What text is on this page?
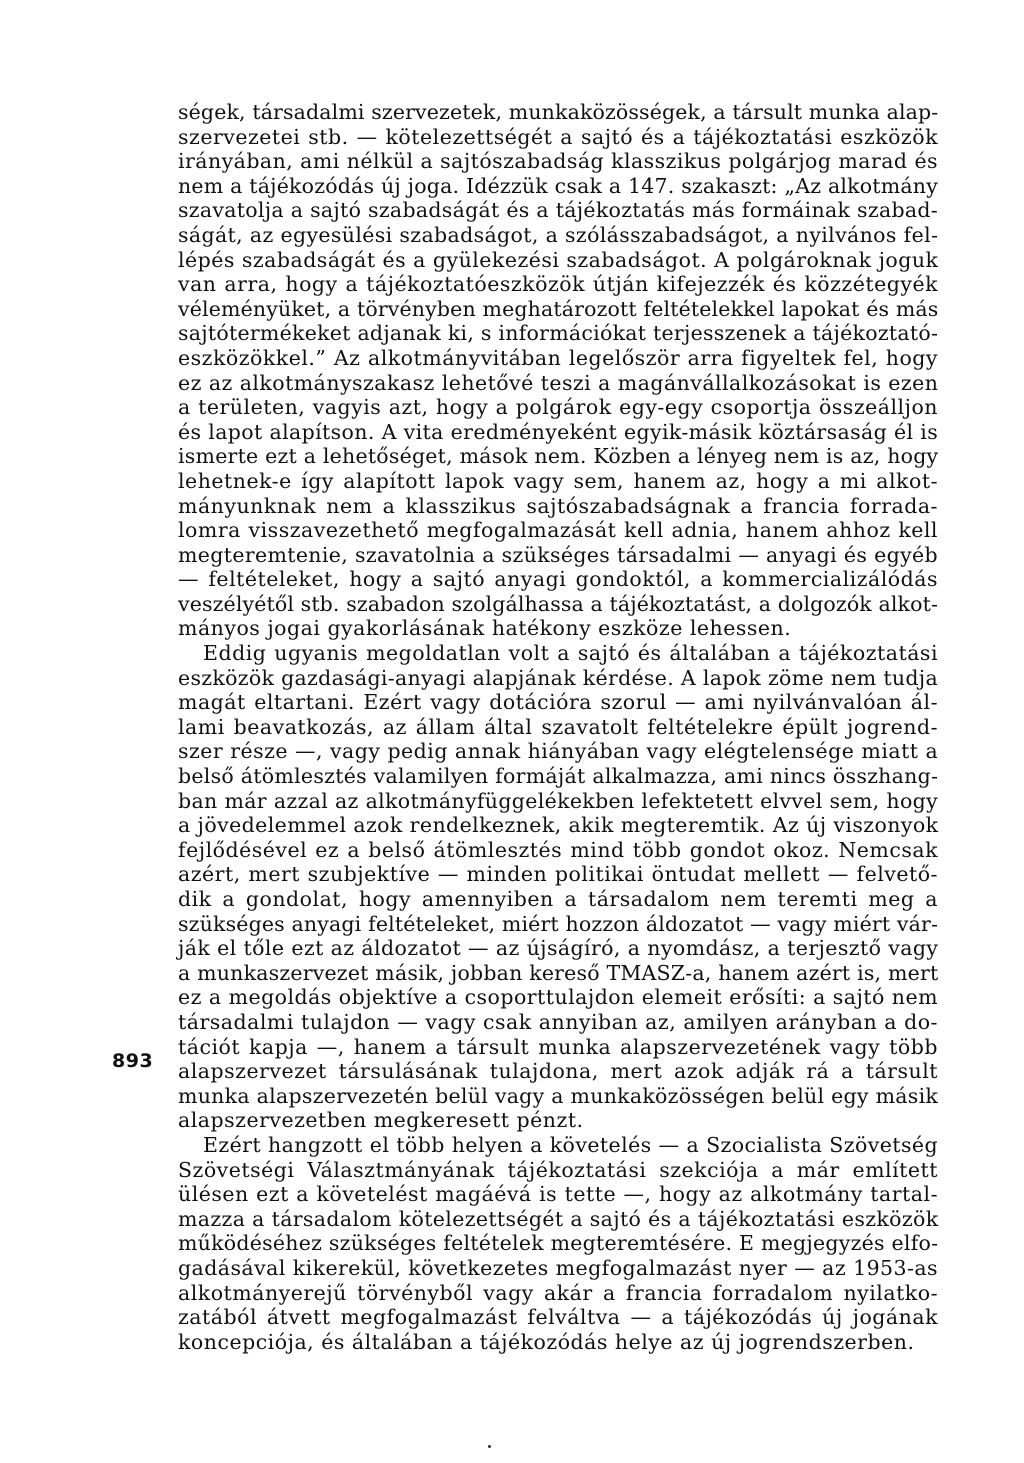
ségek, társadalmi szervezetek, munkaközösségek, a társult munka alap-
szervezetei stb. — kötelezettségét a sajtó és a tájékoztatási eszközök
irányában, ami nélkül a sajtószabadság klasszikus polgárjog marad és
nem a tájékozódás új joga. Idézzük csak a 147. szakaszt: „Az alkotmány
szavatolja a sajtó szabadságát és a tájékoztatás más formáinak szabad-
ságát, az egyesülési szabadságot, a szólásszabadságot, a nyilvános fel-
lépés szabadságát és a gyülekezési szabadságot. A polgároknak joguk
van arra, hogy a tájékoztatóeszközök útján kifejezzék és közzétegyék
véleményüket, a törvényben meghatározott feltételekkel lapokat és más
sajtótermékeket adjanak ki, s információkat terjesszenek a tájékoztató-
eszközökkel.” Az alkotmányvitában legelőször arra figyeltek fel, hogy
ez az alkotmányszakasz lehetővé teszi a magánvállalkozásokat is ezen
a területen, vagyis azt, hogy a polgárok egy-egy csoportja összeálljon
és lapot alapítson. A vita eredményeként egyik-másik köztársaság él is
ismerte ezt a lehetőséget, mások nem. Közben a lényeg nem is az, hogy
lehetnek-e így alapított lapok vagy sem, hanem az, hogy a mi alkot-
mányunknak nem a klasszikus sajtószabadságnak a francia forrada-
lomra visszavezethető megfogalmazását kell adnia, hanem ahhoz kell
megteremtenie, szavatolnia a szükséges társadalmi — anyagi és egyéb
— feltételeket, hogy a sajtó anyagi gondoktól, a kommercializálódás
veszélyétől stb. szabadon szolgálhassa a tájékoztatást, a dolgozók alkot-
mányos jogai gyakorlásának hatékony eszköze lehessen.

Eddig ugyanis megoldatlan volt a sajtó és általában a tájékoztatási
eszközök gazdasági-anyagi alapjának kérdése. A lapok zöme nem tudja
magát eltartani. Ezért vagy dotációra szorul — ami nyilvánvalóan ál-
lami beavatkozás, az állam által szavatolt feltételekre épült jogrend-
szer része —, vagy pedig annak hiányában vagy elégtelensége miatt a
belső átömlesztés valamilyen formáját alkalmazza, ami nincs összhang-
ban már azzal az alkotmányfüggelékekben lefektetett elvvel sem, hogy
a jövedelemmel azok rendelkeznek, akik megteremtik. Az új viszonyok
fejlődésével ez a belső átömlesztés mind több gondot okoz. Nemcsak
azért, mert szubjektíve — minden politikai öntudat mellett — felvető-
dik a gondolat, hogy amennyiben a társadalom nem teremti meg a
szükséges anyagi feltételeket, miért hozzon áldozatot — vagy miért vár-
ják el tőle ezt az áldozatot — az újságíró, a nyomdász, a terjesztő vagy
a munkaszervezet másik, jobban kereső TMASZ-a, hanem azért is, mert
ez a megoldás objektíve a csoporttulajdon elemeit erősíti: a sajtó nem
társadalmi tulajdon — vagy csak annyiban az, amilyen arányban a do-
tációt kapja —, hanem a társult munka alapszervezetének vagy több
alapszervezet társulásának tulajdona, mert azok adják rá a társult
munka alapszervezetén belül vagy a munkaközösségen belül egy másik
alapszervezetben megkeresett pénzt.

Ezért hangzott el több helyen a követelés — a Szocialista Szövetség
Szövetségi Választmányának tájékoztatási szekciója a már említett
ülésen ezt a követelést magáévá is tette —, hogy az alkotmány tartal-
mazza a társadalom kötelezettségét a sajtó és a tájékoztatási eszközök
működéséhez szükséges feltételek megteremtésére. E megjegyzés elfo-
gadásával kikerekül, következetes megfogalmazást nyer — az 1953-as
alkotmányerejű törvényből vagy akár a francia forradalom nyilatko-
zatából átvett megfogalmazást felváltva — a tájékozódás új jogának
koncepciója, és általában a tájékozódás helye az új jogrendszerben.

893
